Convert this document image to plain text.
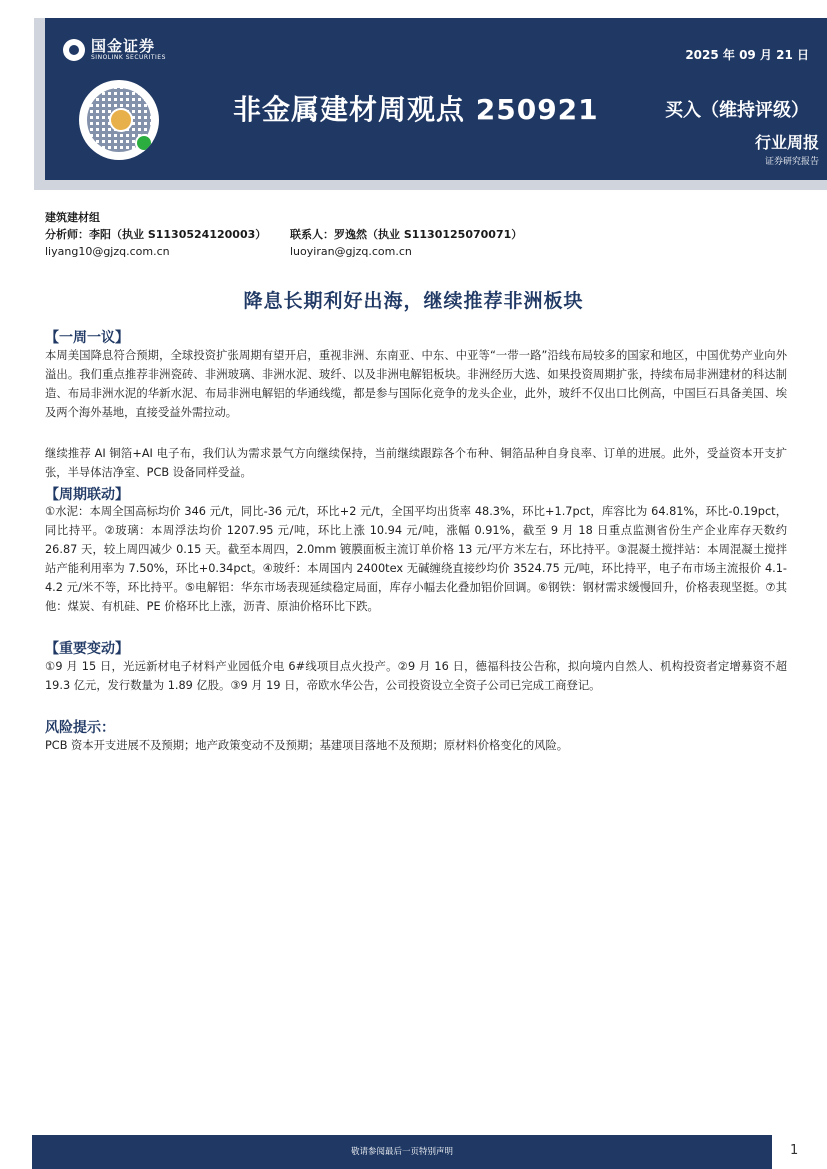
国金证券
SINOLINK SECURITIES	2025 年 09 月 21 日
非金属建材周观点 250921	买入（维持评级）
行业周报
证券研究报告
建筑建材组
分析师：李阳（执业 S1130524120003） 联系人：罗逸然（执业 S1130125070071）
liyang10@gjzq.com.cn	luoyiran@gjzq.com.cn
降息长期利好出海，继续推荐非洲板块
【一周一议】
本周美国降息符合预期，全球投资扩张周期有望开启，重视非洲、东南亚、中东、中亚等“一带一路”沿线布局较多的国家和地区，中国优势产业向外溢出。我们重点推荐非洲瓷砖、非洲玻璃、非洲水泥、玻纤、以及非洲电解铝板块。非洲经历大选、如果投资周期扩张，持续布局非洲建材的科达制造、布局非洲水泥的华新水泥、布局非洲电解铝的华通线缆，都是参与国际化竞争的龙头企业，此外，玻纤不仅出口比例高，中国巨石具备美国、埃及两个海外基地，直接受益外需拉动。
继续推荐 AI 铜箔+AI 电子布，我们认为需求景气方向继续保持，当前继续跟踪各个布种、铜箔品种自身良率、订单的进展。此外，受益资本开支扩张，半导体洁净室、PCB 设备同样受益。
【周期联动】
①水泥：本周全国高标均价 346 元/t，同比-36 元/t，环比+2 元/t，全国平均出货率 48.3%，环比+1.7pct，库容比为 64.81%，环比-0.19pct，同比持平。②玻璃：本周浮法均价 1207.95 元/吨，环比上涨 10.94 元/吨，涨幅 0.91%，截至 9 月 18 日重点监测省份生产企业库存天数约 26.87 天，较上周四减少 0.15 天。截至本周四，2.0mm 镀膜面板主流订单价格 13 元/平方米左右，环比持平。③混凝土搅拌站：本周混凝土搅拌站产能利用率为 7.50%，环比+0.34pct。④玻纤：本周国内 2400tex 无碱缠绕直接纱均价 3524.75 元/吨，环比持平，电子布市场主流报价 4.1-4.2 元/米不等，环比持平。⑤电解铝：华东市场表现延续稳定局面，库存小幅去化叠加铝价回调。⑥钢铁：钢材需求缓慢回升，价格表现坚挺。⑦其他：煤炭、有机硅、PE 价格环比上涨，沥青、原油价格环比下跌。
【重要变动】
①9 月 15 日，光远新材电子材料产业园低介电 6#线项目点火投产。②9 月 16 日，德福科技公告称，拟向境内自然人、机构投资者定增募资不超 19.3 亿元，发行数量为 1.89 亿股。③9 月 19 日，帝欧水华公告，公司投资设立全资子公司已完成工商登记。
风险提示：
PCB 资本开支进展不及预期；地产政策变动不及预期；基建项目落地不及预期；原材料价格变化的风险。
敬请参阅最后一页特别声明	1
